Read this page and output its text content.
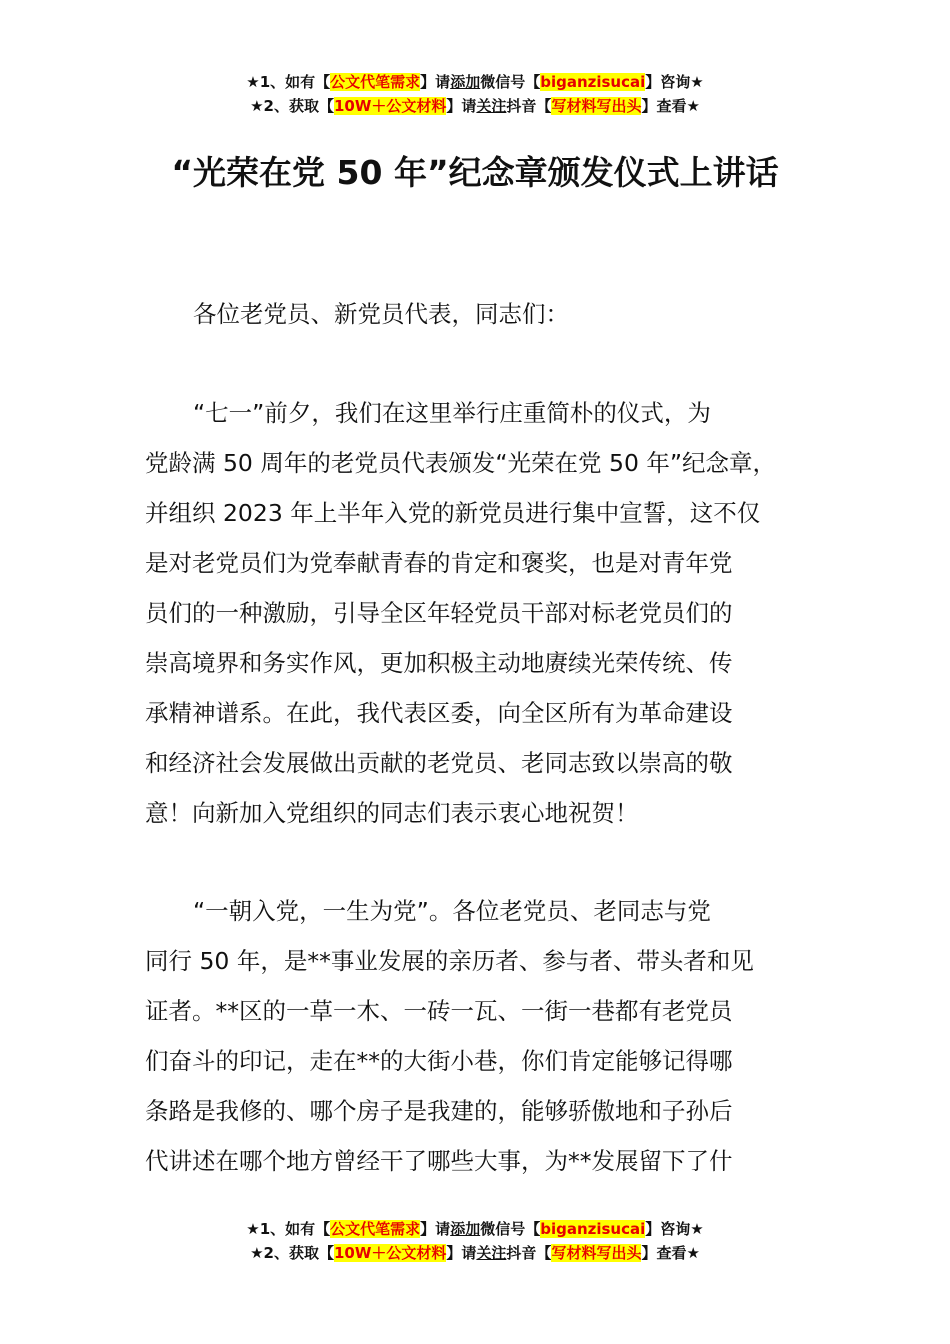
★1、如有【公文代笔需求】请添加微信号【biganzisucai】咨询★
★2、获取【10W＋公文材料】请关注抖音【写材料写出头】查看★
“光荣在党 50 年”纪念章颁发仪式上讲话
各位老党员、新党员代表，同志们：
“七一”前夕，我们在这里举行庄重简朴的仪式，为
党龄满 50 周年的老党员代表颁发“光荣在党 50 年”纪念章，
并组织 2023 年上半年入党的新党员进行集中宣誓，这不仅
是对老党员们为党奉献青春的肯定和褒奖，也是对青年党
员们的一种激励，引导全区年轻党员干部对标老党员们的
崇高境界和务实作风，更加积极主动地赓续光荣传统、传
承精神谱系。在此，我代表区委，向全区所有为革命建设
和经济社会发展做出贡献的老党员、老同志致以崇高的敬
意！向新加入党组织的同志们表示衷心地祝贺！
“一朝入党，一生为党”。各位老党员、老同志与党
同行 50 年，是**事业发展的亲历者、参与者、带头者和见
证者。**区的一草一木、一砖一瓦、一街一巷都有老党员
们奋斗的印记，走在**的大街小巷，你们肯定能够记得哪
条路是我修的、哪个房子是我建的，能够骄傲地和子孙后
代讲述在哪个地方曾经干了哪些大事，为**发展留下了什
★1、如有【公文代笔需求】请添加微信号【biganzisucai】咨询★
★2、获取【10W＋公文材料】请关注抖音【写材料写出头】查看★
